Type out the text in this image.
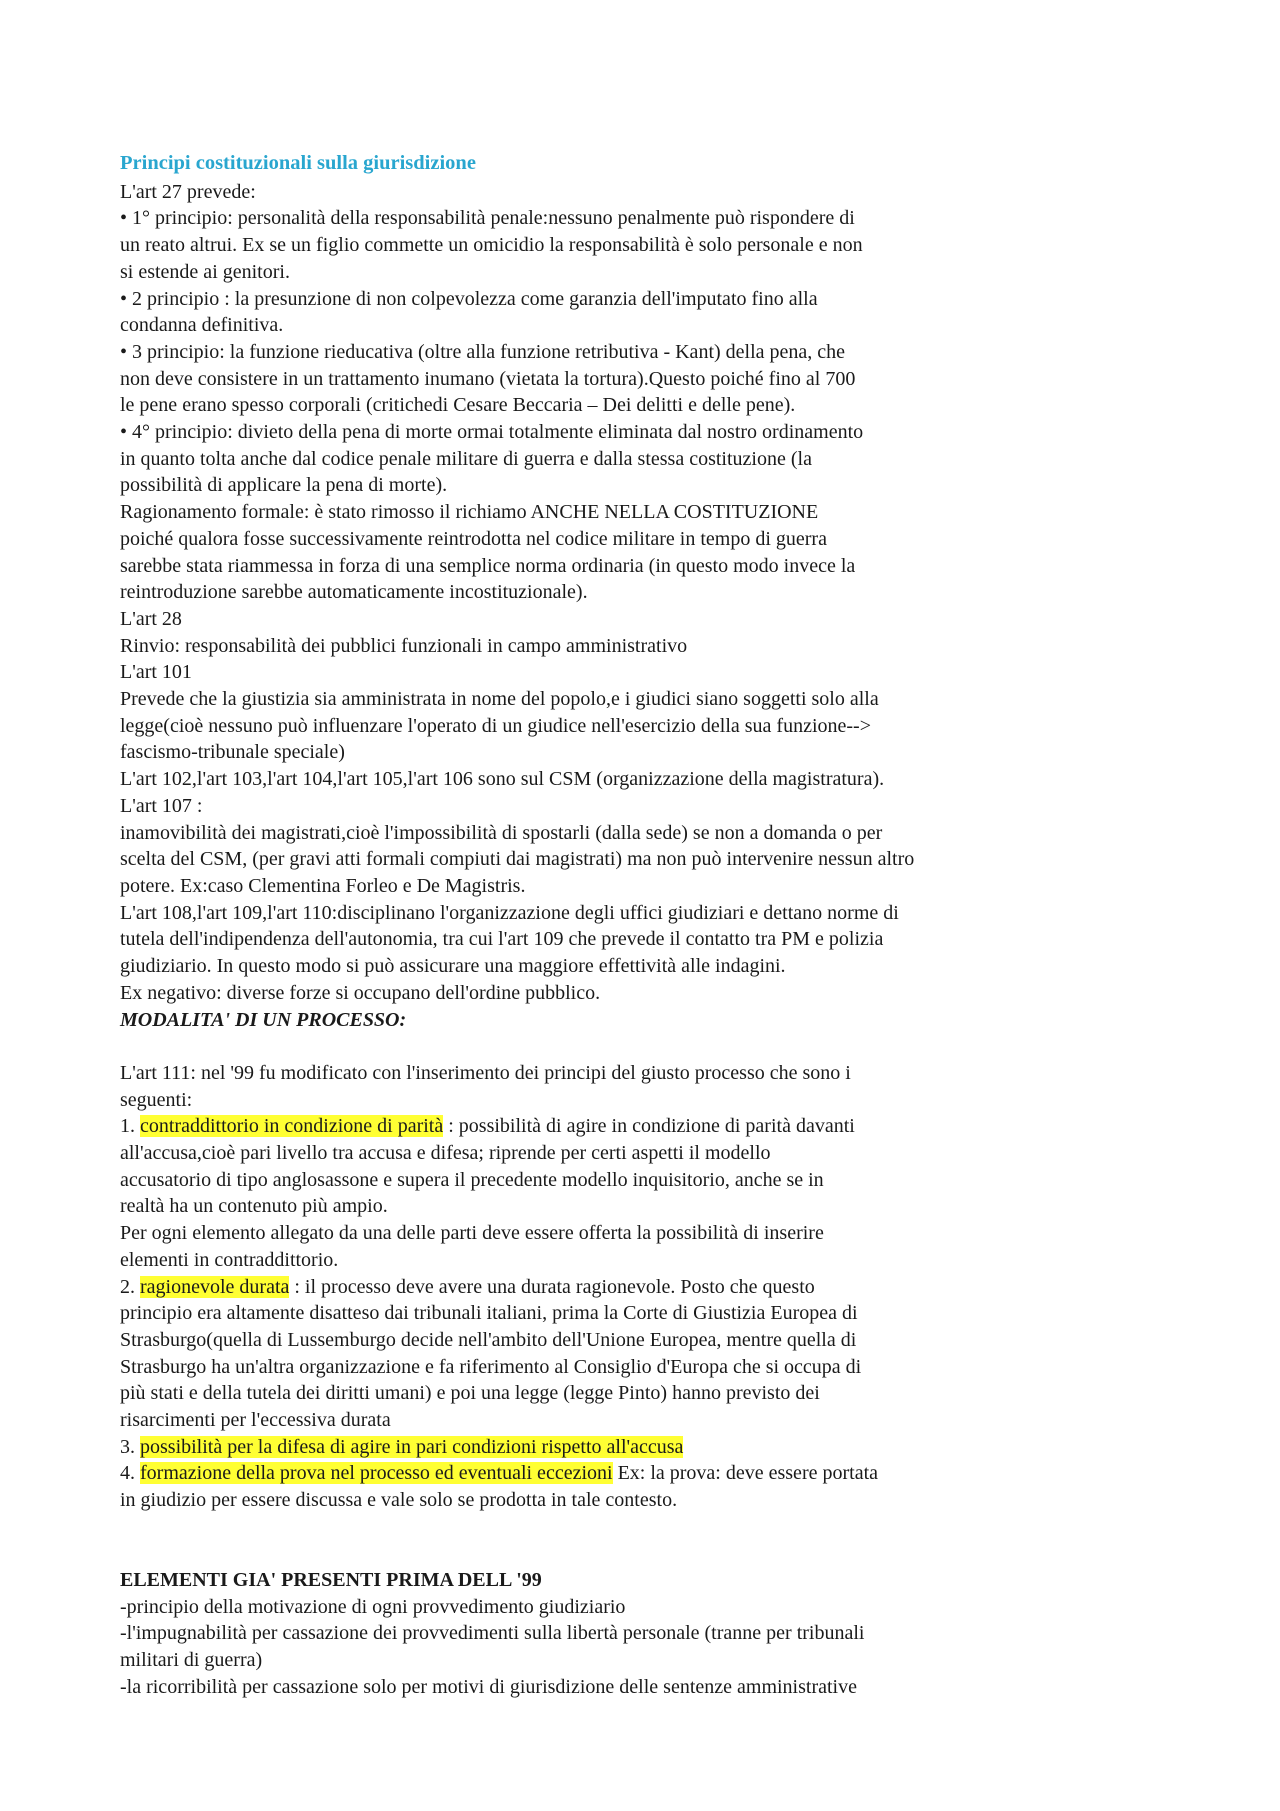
Principi costituzionali sulla giurisdizione
L'art 27 prevede:
• 1° principio: personalità della responsabilità penale:nessuno penalmente può rispondere di
un reato altrui. Ex se un figlio commette un omicidio la responsabilità è solo personale e non
si estende ai genitori.
• 2 principio : la presunzione di non colpevolezza come garanzia dell'imputato fino alla
condanna definitiva.
• 3 principio: la funzione rieducativa (oltre alla funzione retributiva - Kant) della pena, che
non deve consistere in un trattamento inumano (vietata la tortura).Questo poiché fino al 700
le pene erano spesso corporali (critichedi Cesare Beccaria – Dei delitti e delle pene).
• 4° principio: divieto della pena di morte ormai totalmente eliminata dal nostro ordinamento
in quanto tolta anche dal codice penale militare di guerra e dalla stessa costituzione (la
possibilità di applicare la pena di morte).
Ragionamento formale: è stato rimosso il richiamo ANCHE NELLA COSTITUZIONE
poiché qualora fosse successivamente reintrodotta nel codice militare in tempo di guerra
sarebbe stata riammessa in forza di una semplice norma ordinaria (in questo modo invece la
reintroduzione sarebbe automaticamente incostituzionale).
L'art 28
Rinvio: responsabilità dei pubblici funzionali in campo amministrativo
L'art 101
Prevede che la giustizia sia amministrata in nome del popolo,e i giudici siano soggetti solo alla
legge(cioè nessuno può influenzare l'operato di un giudice nell'esercizio della sua funzione-->
fascismo-tribunale speciale)
L'art 102,l'art 103,l'art 104,l'art 105,l'art 106 sono sul CSM (organizzazione della magistratura).
L'art 107 :
inamovibilità dei magistrati,cioè l'impossibilità di spostarli (dalla sede) se non a domanda o per
scelta del CSM, (per gravi atti formali compiuti dai magistrati) ma non può intervenire nessun altro
potere. Ex:caso Clementina Forleo e De Magistris.
L'art 108,l'art 109,l'art 110:disciplinano l'organizzazione degli uffici giudiziari e dettano norme di
tutela dell'indipendenza dell'autonomia, tra cui l'art 109 che prevede il contatto tra PM e polizia
giudiziario. In questo modo si può assicurare una maggiore effettività alle indagini.
Ex negativo: diverse forze si occupano dell'ordine pubblico.
MODALITA' DI UN PROCESSO:
L'art 111: nel '99 fu modificato con l'inserimento dei principi del giusto processo che sono i
seguenti:
1. contraddittorio in condizione di parità : possibilità di agire in condizione di parità davanti
all'accusa,cioè pari livello tra accusa e difesa; riprende per certi aspetti il modello
accusatorio di tipo anglosassone e supera il precedente modello inquisitorio, anche se in
realtà ha un contenuto più ampio.
Per ogni elemento allegato da una delle parti deve essere offerta la possibilità di inserire
elementi in contraddittorio.
2. ragionevole durata : il processo deve avere una durata ragionevole. Posto che questo
principio era altamente disatteso dai tribunali italiani, prima la Corte di Giustizia Europea di
Strasburgo(quella di Lussemburgo decide nell'ambito dell'Unione Europea, mentre quella di
Strasburgo ha un'altra organizzazione e fa riferimento al Consiglio d'Europa che si occupa di
più stati e della tutela dei diritti umani) e poi una legge (legge Pinto) hanno previsto dei
risarcimenti per l'eccessiva durata
3. possibilità per la difesa di agire in pari condizioni rispetto all'accusa
4. formazione della prova nel processo ed eventuali eccezioni Ex: la prova: deve essere portata
in giudizio per essere discussa e vale solo se prodotta in tale contesto.
ELEMENTI GIA' PRESENTI PRIMA DELL '99
-principio della motivazione di ogni provvedimento giudiziario
-l'impugnabilità per cassazione dei provvedimenti sulla libertà personale (tranne per tribunali
militari di guerra)
-la ricorribilità per cassazione solo per motivi di giurisdizione delle sentenze amministrative
